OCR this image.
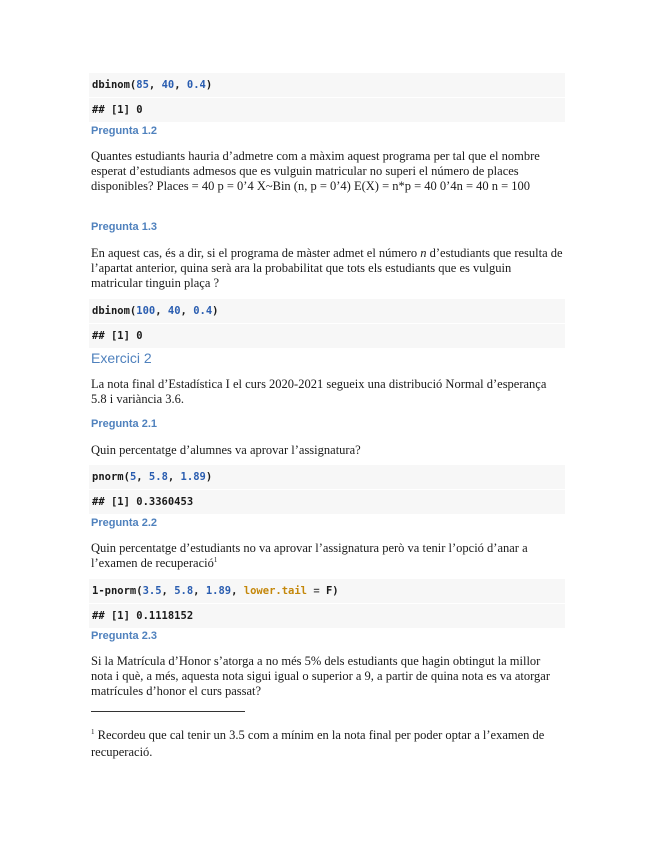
dbinom(85, 40, 0.4)
## [1] 0
Pregunta 1.2

Quantes estudiants hauria d’admetre com a màxim aquest programa per tal que el nombre esperat d’estudiants admesos que es vulguin matricular no superi el número de places disponibles? Places = 40 p = 0’4 X~Bin (n, p = 0’4) E(X) = n*p = 40 0’4n = 40 n = 100

Pregunta 1.3

En aquest cas, és a dir, si el programa de màster admet el número n d’estudiants que resulta de l’apartat anterior, quina serà ara la probabilitat que tots els estudiants que es vulguin matricular tinguin plaça ?

dbinom(100, 40, 0.4)
## [1] 0
Exercici 2

La nota final d’Estadística I el curs 2020-2021 segueix una distribució Normal d’esperança 5.8 i variància 3.6.

Pregunta 2.1

Quin percentatge d’alumnes va aprovar l’assignatura?

pnorm(5, 5.8, 1.89)
## [1] 0.3360453
Pregunta 2.2

Quin percentatge d’estudiants no va aprovar l’assignatura però va tenir l’opció d’anar a l’examen de recuperació$^1$

1-pnorm(3.5, 5.8, 1.89, lower.tail = F)
## [1] 0.1118152
Pregunta 2.3

Si la Matrícula d’Honor s’atorga a no més 5% dels estudiants que hagin obtingut la millor nota i què, a més, aquesta nota sigui igual o superior a 9, a partir de quina nota es va atorgar matrícules d’honor el curs passat?

$^1$ Recordeu que cal tenir un 3.5 com a mínim en la nota final per poder optar a l’examen de recuperació.
